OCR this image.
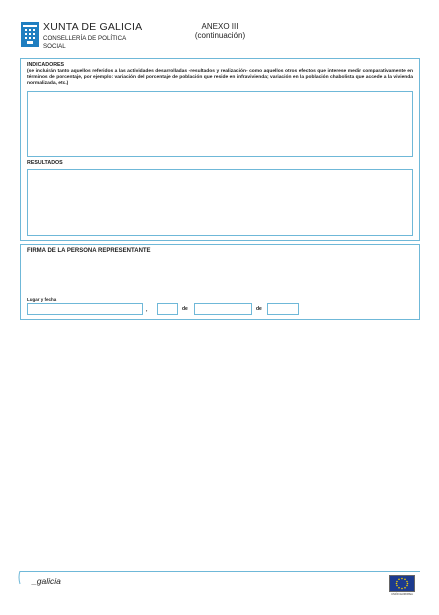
XUNTA DE GALICIA
CONSELLERÍA DE POLÍTICA
SOCIAL
ANEXO III
(continuación)
INDICADORES
(se incluirán tanto aquellos referidos a las actividades desarrolladas -resultados y realización- como aquellos otros efectos que interese medir comparativamente en términos de porcentaje, por ejemplo: variación del porcentaje de población que reside en infravivienda; variación en la población chabolista que accede a la vivienda normalizada, etc.)
RESULTADOS
FIRMA DE LA PERSONA REPRESENTANTE
Lugar y fecha
,	de	de
_galicia
UNIÓN EUROPEA
